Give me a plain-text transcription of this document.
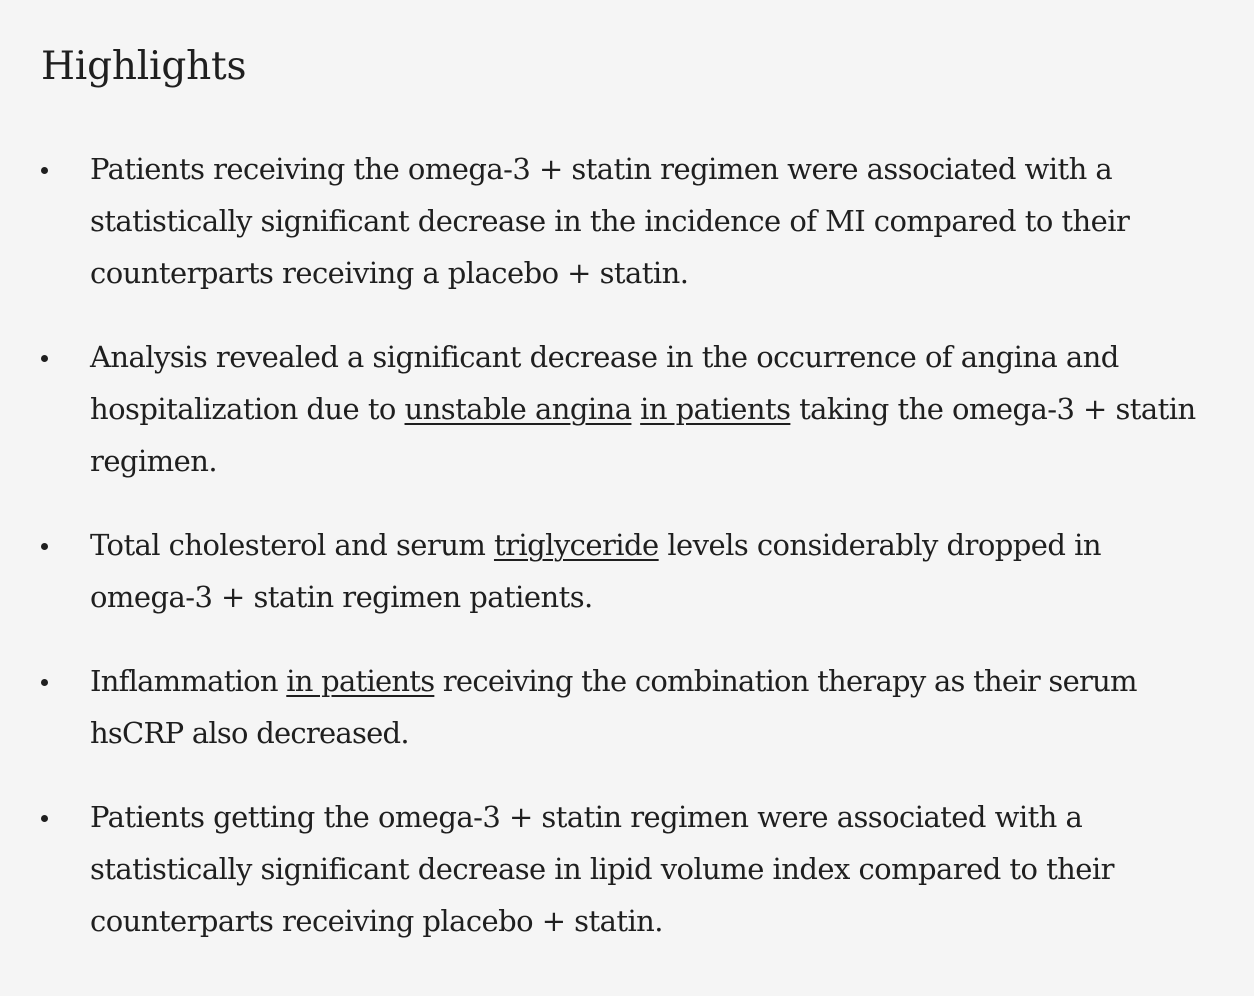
Highlights
Patients receiving the omega-3 + statin regimen were associated with a statistically significant decrease in the incidence of MI compared to their counterparts receiving a placebo + statin.
Analysis revealed a significant decrease in the occurrence of angina and hospitalization due to unstable angina in patients taking the omega-3 + statin regimen.
Total cholesterol and serum triglyceride levels considerably dropped in omega-3 + statin regimen patients.
Inflammation in patients receiving the combination therapy as their serum hsCRP also decreased.
Patients getting the omega-3 + statin regimen were associated with a statistically significant decrease in lipid volume index compared to their counterparts receiving placebo + statin.
